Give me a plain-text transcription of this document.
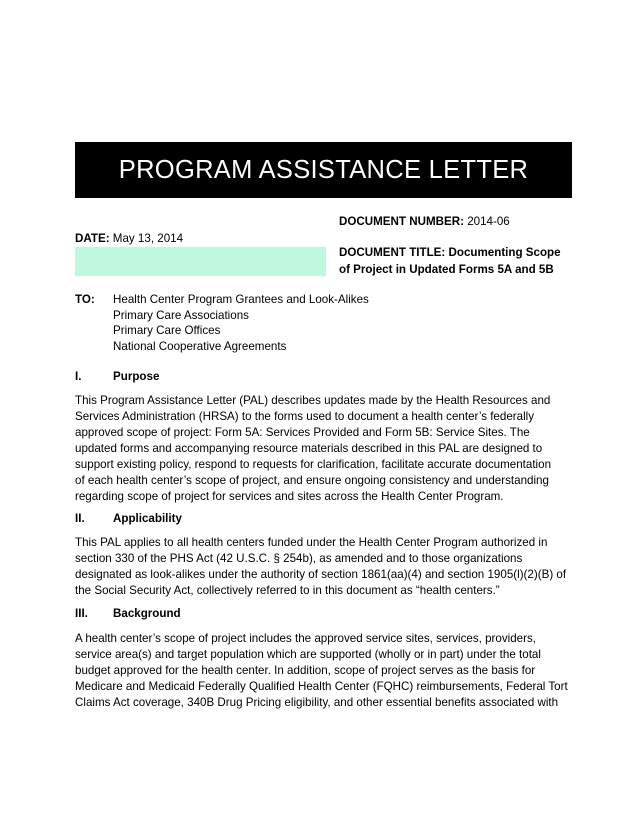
PROGRAM ASSISTANCE LETTER
DOCUMENT NUMBER: 2014-06
DATE: May 13, 2014
DOCUMENT TITLE: Documenting Scope of Project in Updated Forms 5A and 5B
TO: Health Center Program Grantees and Look-Alikes
Primary Care Associations
Primary Care Offices
National Cooperative Agreements
I.	Purpose
This Program Assistance Letter (PAL) describes updates made by the Health Resources and
Services Administration (HRSA) to the forms used to document a health center’s federally
approved scope of project: Form 5A: Services Provided and Form 5B: Service Sites. The
updated forms and accompanying resource materials described in this PAL are designed to
support existing policy, respond to requests for clarification, facilitate accurate documentation
of each health center’s scope of project, and ensure ongoing consistency and understanding
regarding scope of project for services and sites across the Health Center Program.
II.	Applicability
This PAL applies to all health centers funded under the Health Center Program authorized in
section 330 of the PHS Act (42 U.S.C. § 254b), as amended and to those organizations
designated as look-alikes under the authority of section 1861(aa)(4) and section 1905(l)(2)(B) of
the Social Security Act, collectively referred to in this document as “health centers.”
III.	Background
A health center’s scope of project includes the approved service sites, services, providers,
service area(s) and target population which are supported (wholly or in part) under the total
budget approved for the health center. In addition, scope of project serves as the basis for
Medicare and Medicaid Federally Qualified Health Center (FQHC) reimbursements, Federal Tort
Claims Act coverage, 340B Drug Pricing eligibility, and other essential benefits associated with
